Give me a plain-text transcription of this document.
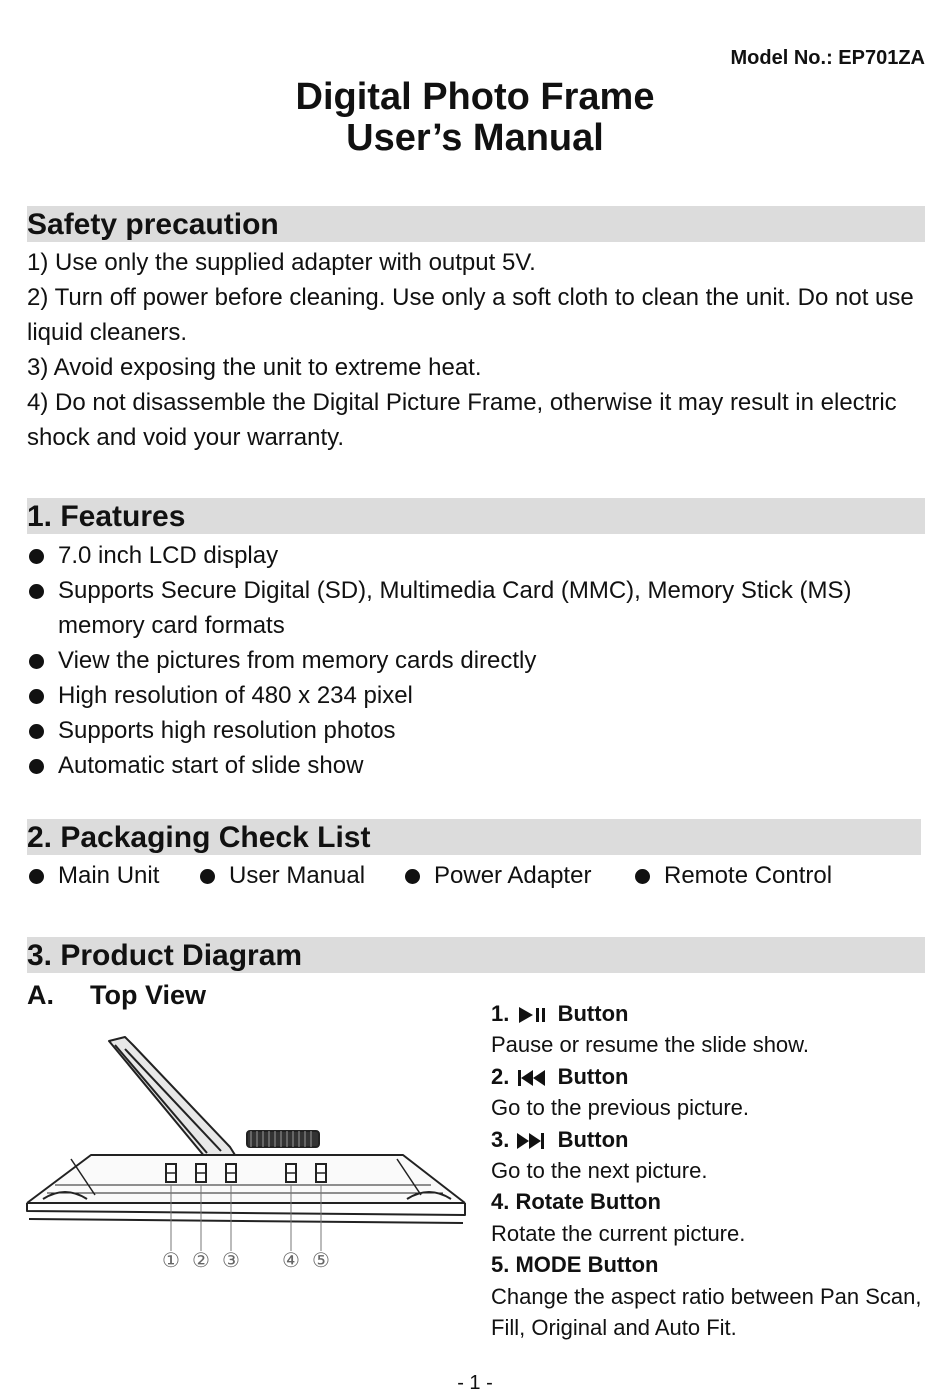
Model No.: EP701ZA
Digital Photo Frame
User’s Manual
Safety precaution
1) Use only the supplied adapter with output 5V.
2) Turn off power before cleaning. Use only a soft cloth to clean the unit. Do not use liquid cleaners.
3) Avoid exposing the unit to extreme heat.
4) Do not disassemble the Digital Picture Frame, otherwise it may result in electric shock and void your warranty.
1. Features
7.0 inch LCD display
Supports Secure Digital (SD), Multimedia Card (MMC), Memory Stick (MS) memory card formats
View the pictures from memory cards directly
High resolution of 480 x 234 pixel
Supports high resolution photos
Automatic start of slide show
2. Packaging Check List
Main Unit	User Manual	Power Adapter	Remote Control
3. Product Diagram
A. Top View
① ② ③ ④ ⑤
1. Button
Pause or resume the slide show.
2. Button
Go to the previous picture.
3. Button
Go to the next picture.
4. Rotate Button
Rotate the current picture.
5. MODE Button
Change the aspect ratio between Pan Scan, Fill, Original and Auto Fit.
- 1 -
